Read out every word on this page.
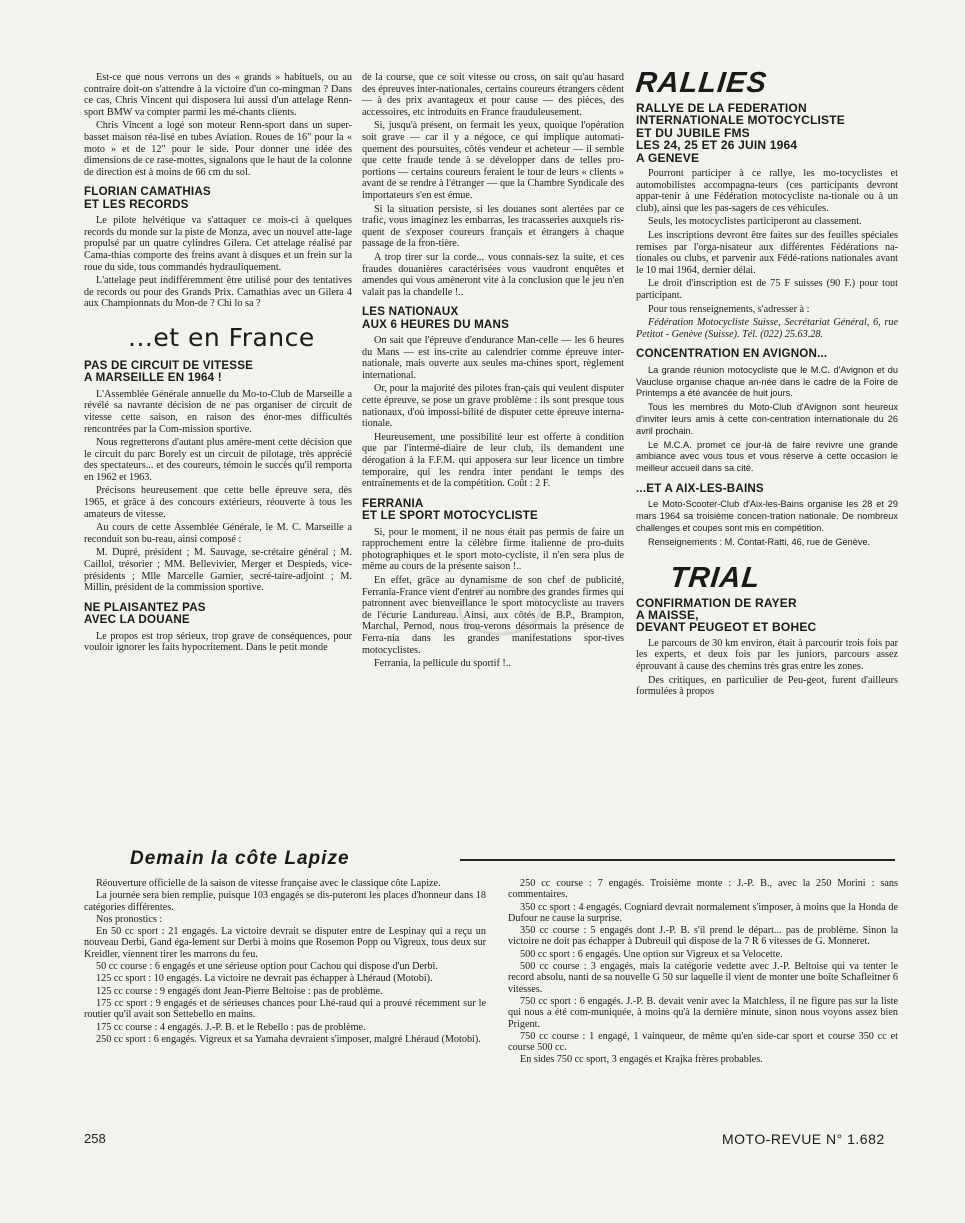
Est-ce que nous verrons un des « grands » habituels, ou au contraire doit-on s'attendre à la victoire d'un co-mingman ? Dans ce cas, Chris Vincent qui disposera lui aussi d'un attelage Renn-sport BMW va compter parmi les mé-chants clients.

Chris Vincent a logé son moteur Renn-sport dans un super-basset maison réa-lisé en tubes Aviation. Roues de 16" pour la « moto » et de 12" pour le side. Pour donner une idée des dimensions de ce rase-mottes, signalons que le haut de la colonne de direction est à moins de 66 cm du sol.

FLORIAN CAMATHIAS
ET LES RECORDS

Le pilote helvétique va s'attaquer ce mois-ci à quelques records du monde sur la piste de Monza, avec un nouvel atte-lage propulsé par un quatre cylindres Gilera. Cet attelage réalisé par Cama-thias comporte des freins avant à disques et un frein sur la roue du side, tous commandés hydrauliquement.

L'attelage peut indifféremment être utilisé pour des tentatives de records ou pour des Grands Prix. Camathias avec un Gilera 4 aux Championnats du Mon-de ? Chi lo sa ?

...et en France
PAS DE CIRCUIT DE VITESSE
A MARSEILLE EN 1964 !

L'Assemblée Générale annuelle du Mo-to-Club de Marseille a révélé sa navrante décision de ne pas organiser de circuit de vitesse cette saison, en raison des énor-mes difficultés rencontrées par la Com-mission sportive.

Nous regretterons d'autant plus amère-ment cette décision que le circuit du parc Borely est un circuit de pilotage, très apprécié des spectateurs... et des coureurs, témoin le succès qu'il remporta en 1962 et 1963.

Précisons heureusement que cette belle épreuve sera, dès 1965, et grâce à des concours extérieurs, réouverte à tous les amateurs de vitesse.

Au cours de cette Assemblée Générale, le M. C. Marseille a reconduit son bu-reau, ainsi composé :

M. Dupré, président ; M. Sauvage, se-crétaire général ; M. Caillol, trésorier ; MM. Bellevivier, Merger et Despieds, vice-présidents ; Mlle Marcelle Garnier, secré-taire-adjoint ; M. Millin, président de la commission sportive.

NE PLAISANTEZ PAS
AVEC LA DOUANE

Le propos est trop sérieux, trop grave de conséquences, pour vouloir ignorer les faits hypocritement. Dans le petit monde

de la course, que ce soit vitesse ou cross, on sait qu'au hasard des épreuves inter-nationales, certains coureurs étrangers cèdent — à des prix avantageux et pour cause — des pièces, des accessoires, etc introduits en France frauduleusement.

Si, jusqu'à présent, on fermait les yeux, quoique l'opération soit grave — car il y a négoce, ce qui implique automati-quement des poursuites, côtés vendeur et acheteur — il semble que cette fraude tende à se développer dans de telles pro-portions — certains coureurs feraient le tour de leurs « clients » avant de se rendre à l'étranger — que la Chambre Syndicale des importateurs s'en est émue.

Si la situation persiste, si les douanes sont alertées par ce trafic, vous imaginez les embarras, les tracasseries auxquels ris-quent de s'exposer coureurs français et étrangers à chaque passage de la fron-tière.

A trop tirer sur la corde... vous connais-sez la suite, et ces fraudes douanières caractérisées vous vaudront enquêtes et amendes qui vous amèneront vite à la conclusion que le jeu n'en valait pas la chandelle !..

LES NATIONAUX
AUX 6 HEURES DU MANS

On sait que l'épreuve d'endurance Man-celle — les 6 heures du Mans — est ins-crite au calendrier comme épreuve inter-nationale, mais ouverte aux seules ma-chines sport, règlement international.

Or, pour la majorité des pilotes fran-çais qui veulent disputer cette épreuve, se pose un grave problème : ils sont presque tous nationaux, d'où impossi-bilité de disputer cette épreuve interna-tionale.

Heureusement, une possibilité leur est offerte à condition que par l'intermé-diaire de leur club, ils demandent une dérogation à la F.F.M. qui apposera sur leur licence un timbre temporaire, qui les rendra inter pendant le temps des entraînements et de la compétition. Coût : 2 F.

FERRANIA
ET LE SPORT MOTOCYCLISTE

Si, pour le moment, il ne nous était pas permis de faire un rapprochement entre la célèbre firme italienne de pro-duits photographiques et le sport moto-cycliste, il n'en sera plus de même au cours de la présente saison !..

En effet, grâce au dynamisme de son chef de publicité, Ferrania-France vient d'entrer au nombre des grandes firmes qui patronnent avec bienveillance le sport motocycliste au travers de l'écurie Landureau. Ainsi, aux côtés de B.P., Brampton, Marchal, Pernod, nous trou-verons désormais la présence de Ferra-nia dans les grandes manifestations spor-tives motocyclistes.

Ferrania, la pellicule du sportif !..

RALLIES
RALLYE DE LA FEDERATION
INTERNATIONALE MOTOCYCLISTE
ET DU JUBILE FMS
LES 24, 25 ET 26 JUIN 1964
A GENEVE

Pourront participer à ce rallye, les mo-tocyclistes et automobilistes accompagna-teurs (ces participants devront appar-tenir à une Fédération motocycliste na-tionale ou à un club), ainsi que les pas-sagers de ces véhicules.

Seuls, les motocyclistes participeront au classement.

Les inscriptions devront être faites sur des feuilles spéciales remises par l'orga-nisateur aux différentes Fédérations na-tionales ou clubs, et parvenir aux Fédé-rations nationales avant le 10 mai 1964, dernier délai.

Le droit d'inscription est de 75 F suisses (90 F.) pour tout participant.

Pour tous renseignements, s'adresser à :

Fédération Motocycliste Suisse, Secrétariat Général, 6, rue Petitot - Genève (Suisse). Tél. (022) 25.63.28.

CONCENTRATION EN AVIGNON...

La grande réunion motocycliste que le M.C. d'Avignon et du Vaucluse organise chaque an-née dans le cadre de la Foire de Printemps a été avancée de huit jours.

Tous les membres du Moto-Club d'Avignon sont heureux d'inviter leurs amis à cette con-centration internationale du 26 avril prochain.

Le M.C.A. promet ce jour-là de faire revivre une grande ambiance avec vous tous et vous réserve à cette occasion le meilleur accueil dans sa cité.

...ET A AIX-LES-BAINS

Le Moto-Scooter-Club d'Aix-les-Bains organise les 28 et 29 mars 1964 sa troisième concen-tration nationale. De nombreux challenges et coupes sont mis en compétition.

Renseignements : M. Contat-Ratti, 46, rue de Genève.

TRIAL
CONFIRMATION DE RAYER
A MAISSE,
DEVANT PEUGEOT ET BOHEC

Le parcours de 30 km environ, était à parcourir trois fois par les experts, et deux fois par les juniors, parcours assez éprouvant à cause des chemins très gras entre les zones.

Des critiques, en particulier de Peu-geot, furent d'ailleurs formulées à propos

Demain la côte Lapize

Réouverture officielle de la saison de vitesse française avec le classique côte Lapize.

La journée sera bien remplie, puisque 103 engagés se dis-puteront les places d'honneur dans 18 catégories différentes.

Nos pronostics :

En 50 cc sport : 21 engagés. La victoire devrait se disputer entre de Lespinay qui a reçu un nouveau Derbi, Gand éga-lement sur Derbi à moins que Rosemon Popp ou Vigreux, tous deux sur Kreidler, viennent tirer les marrons du feu.

50 cc course : 6 engagés et une sérieuse option pour Cachou qui dispose d'un Derbi.

125 cc sport : 10 engagés. La victoire ne devrait pas échapper à Lhéraud (Motobi).

125 cc course : 9 engagés dont Jean-Pierre Beltoise : pas de problème.

175 cc sport : 9 engagés et de sérieuses chances pour Lhé-raud qui a prouvé récemment sur le routier qu'il avait son Settebello en mains.

175 cc course : 4 engagés. J.-P. B. et le Rebello : pas de problème.

250 cc sport : 6 engagés. Vigreux et sa Yamaha devraient s'imposer, malgré Lhéraud (Motobi).

250 cc course : 7 engagés. Troisième monte : J.-P. B., avec la 250 Morini : sans commentaires.

350 cc sport : 4 engagés. Cogniard devrait normalement s'imposer, à moins que la Honda de Dufour ne cause la surprise.

350 cc course : 5 engagés dont J.-P. B. s'il prend le départ... pas de problème. Sinon la victoire ne doit pas échapper à Dubreuil qui dispose de la 7 R 6 vitesses de G. Monneret.

500 cc sport : 6 engagés. Une option sur Vigreux et sa Velocette.

500 cc course : 3 engagés, mais la catégorie vedette avec J.-P. Beltoise qui va tenter le record absolu, nanti de sa nouvelle G 50 sur laquelle il vient de monter une boîte Schafleitner 6 vitesses.

750 cc sport : 6 engagés. J.-P. B. devait venir avec la Matchless, il ne figure pas sur la liste qui nous a été com-muniquée, à moins qu'à la dernière minute, sinon nous voyons assez bien Prigent.

750 cc course : 1 engagé, 1 vainqueur, de même qu'en side-car sport et course 350 cc et course 500 cc.

En sides 750 cc sport, 3 engagés et Krajka frères probables.

258	MOTO-REVUE N° 1.682
